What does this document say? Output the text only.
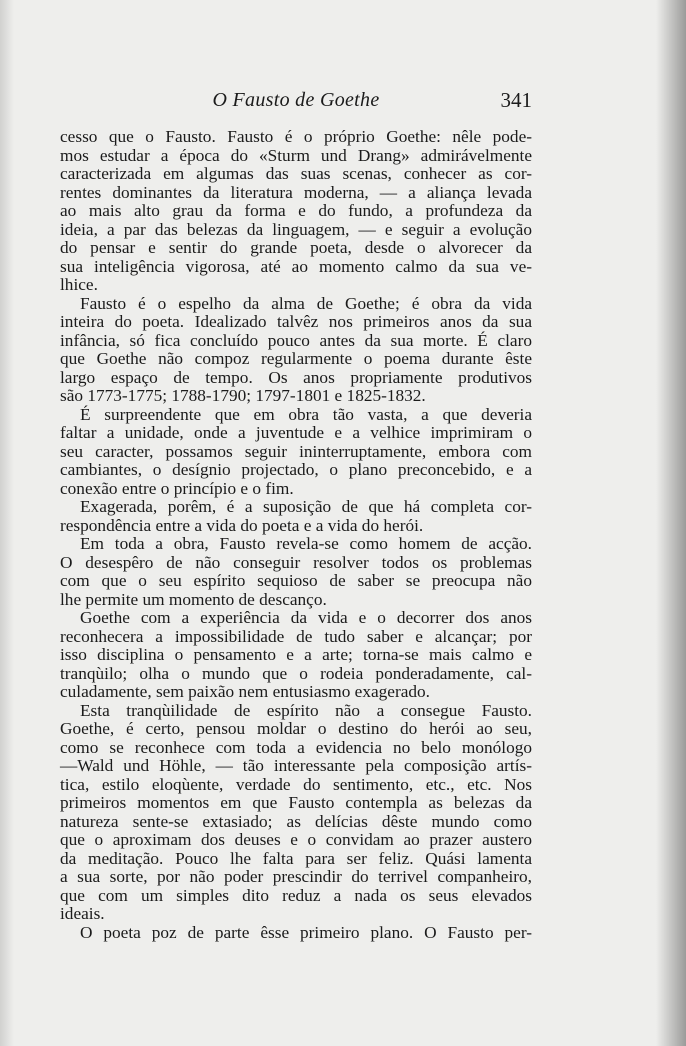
O Fausto de Goethe	341
cesso que o Fausto. Fausto é o próprio Goethe: nêle pode-
mos estudar a época do «Sturm und Drang» admirávelmente
caracterizada em algumas das suas scenas, conhecer as cor-
rentes dominantes da literatura moderna, — a aliança levada
ao mais alto grau da forma e do fundo, a profundeza da
ideia, a par das belezas da linguagem, — e seguir a evolução
do pensar e sentir do grande poeta, desde o alvorecer da
sua inteligência vigorosa, até ao momento calmo da sua ve-
lhice.
Fausto é o espelho da alma de Goethe; é obra da vida
inteira do poeta. Idealizado talvêz nos primeiros anos da sua
infância, só fica concluído pouco antes da sua morte. É claro
que Goethe não compoz regularmente o poema durante êste
largo espaço de tempo. Os anos propriamente produtivos
são 1773-1775; 1788-1790; 1797-1801 e 1825-1832.
É surpreendente que em obra tão vasta, a que deveria
faltar a unidade, onde a juventude e a velhice imprimiram o
seu caracter, possamos seguir ininterruptamente, embora com
cambiantes, o desígnio projectado, o plano preconcebido, e a
conexão entre o princípio e o fim.
Exagerada, porêm, é a suposição de que há completa cor-
respondência entre a vida do poeta e a vida do herói.
Em toda a obra, Fausto revela-se como homem de acção.
O desespêro de não conseguir resolver todos os problemas
com que o seu espírito sequioso de saber se preocupa não
lhe permite um momento de descanço.
Goethe com a experiência da vida e o decorrer dos anos
reconhecera a impossibilidade de tudo saber e alcançar; por
isso disciplina o pensamento e a arte; torna-se mais calmo e
tranqùilo; olha o mundo que o rodeia ponderadamente, cal-
culadamente, sem paixão nem entusiasmo exagerado.
Esta tranqùilidade de espírito não a consegue Fausto.
Goethe, é certo, pensou moldar o destino do herói ao seu,
como se reconhece com toda a evidencia no belo monólogo
—Wald und Höhle, — tão interessante pela composição artís-
tica, estilo eloqùente, verdade do sentimento, etc., etc. Nos
primeiros momentos em que Fausto contempla as belezas da
natureza sente-se extasiado; as delícias dêste mundo como
que o aproximam dos deuses e o convidam ao prazer austero
da meditação. Pouco lhe falta para ser feliz. Quási lamenta
a sua sorte, por não poder prescindir do terrivel companheiro,
que com um simples dito reduz a nada os seus elevados
ideais.
O poeta poz de parte êsse primeiro plano. O Fausto per-
